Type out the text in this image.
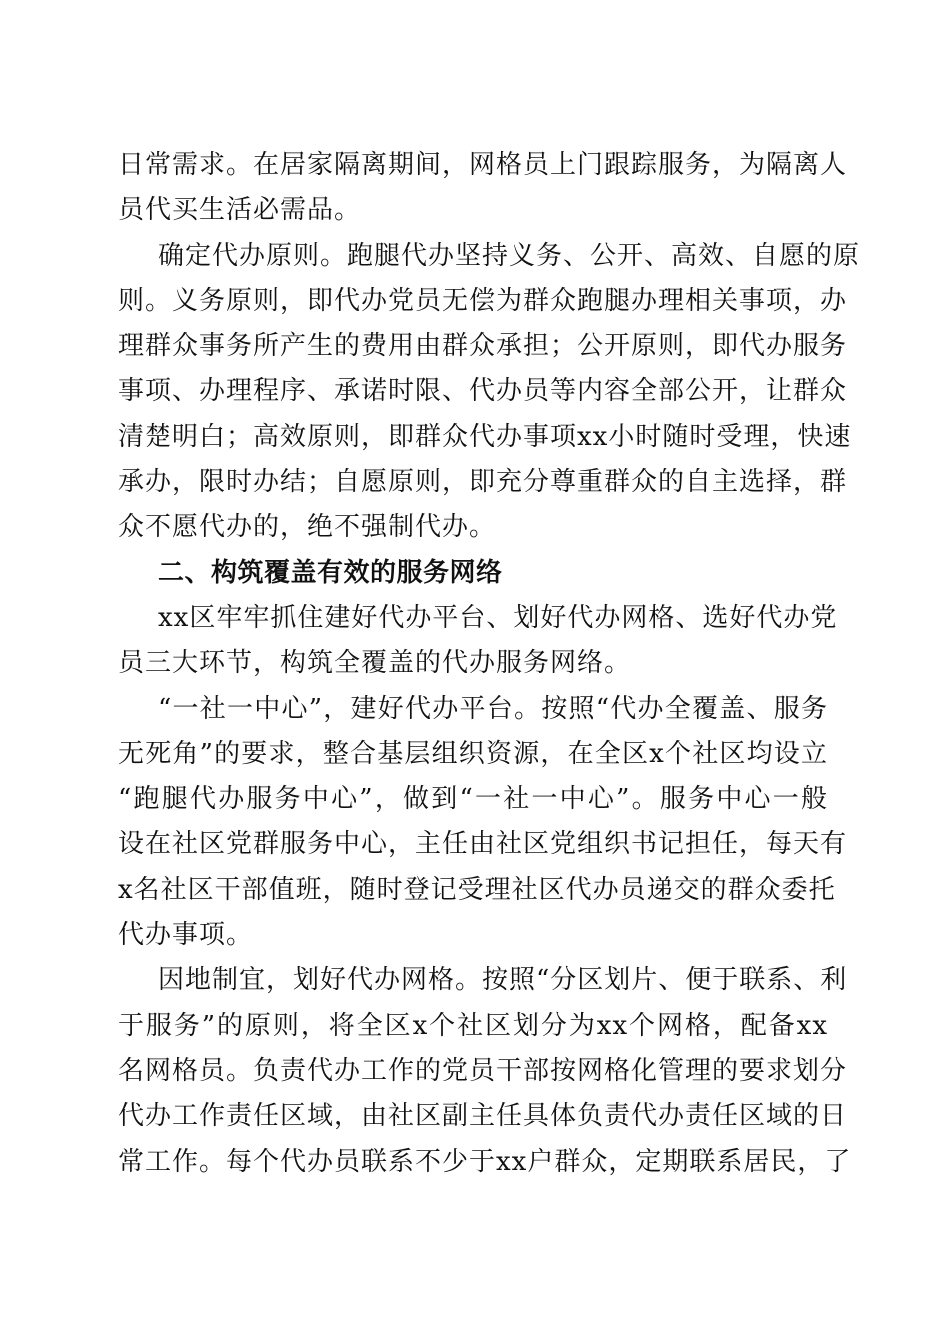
日常需求。在居家隔离期间，网格员上门跟踪服务，为隔离人
员代买生活必需品。
确定代办原则。跑腿代办坚持义务、公开、高效、自愿的原
则。义务原则，即代办党员无偿为群众跑腿办理相关事项，办
理群众事务所产生的费用由群众承担；公开原则，即代办服务
事项、办理程序、承诺时限、代办员等内容全部公开，让群众
清楚明白；高效原则，即群众代办事项xx小时随时受理，快速
承办，限时办结；自愿原则，即充分尊重群众的自主选择，群
众不愿代办的，绝不强制代办。
二、构筑覆盖有效的服务网络
xx区牢牢抓住建好代办平台、划好代办网格、选好代办党
员三大环节，构筑全覆盖的代办服务网络。
“一社一中心”，建好代办平台。按照“代办全覆盖、服务
无死角”的要求，整合基层组织资源，在全区x个社区均设立
“跑腿代办服务中心”，做到“一社一中心”。服务中心一般
设在社区党群服务中心，主任由社区党组织书记担任，每天有
x名社区干部值班，随时登记受理社区代办员递交的群众委托
代办事项。
因地制宜，划好代办网格。按照“分区划片、便于联系、利
于服务”的原则，将全区x个社区划分为xx个网格，配备xx
名网格员。负责代办工作的党员干部按网格化管理的要求划分
代办工作责任区域，由社区副主任具体负责代办责任区域的日
常工作。每个代办员联系不少于xx户群众，定期联系居民，了
